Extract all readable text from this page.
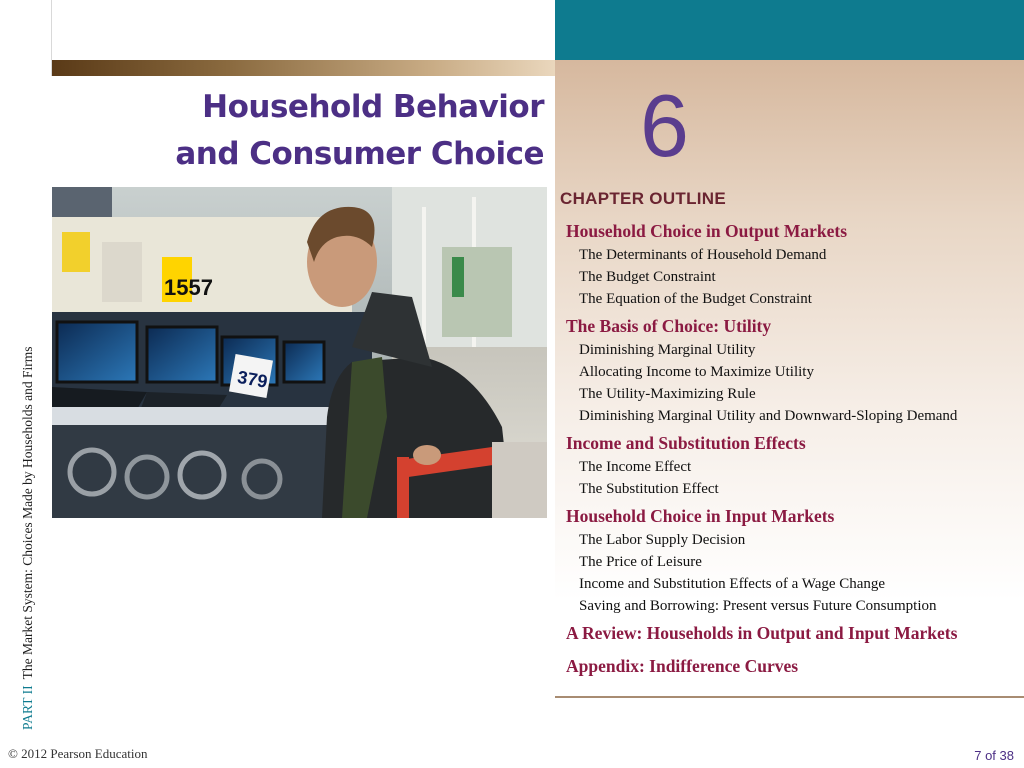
Household Behavior
and Consumer Choice 6
1557
379
PART IIThe Market System: Choices Made by Households and Firms
CHAPTER OUTLINE
Household Choice in Output Markets
The Determinants of Household Demand
The Budget Constraint
The Equation of the Budget Constraint
The Basis of Choice: Utility
Diminishing Marginal Utility
Allocating Income to Maximize Utility
The Utility-Maximizing Rule
Diminishing Marginal Utility and Downward-Sloping Demand
Income and Substitution Effects
The Income Effect
The Substitution Effect
Household Choice in Input Markets
The Labor Supply Decision
The Price of Leisure
Income and Substitution Effects of a Wage Change
Saving and Borrowing: Present versus Future Consumption
A Review: Households in Output and Input Markets
Appendix: Indifference Curves
© 2012 Pearson Education	7 of 38
